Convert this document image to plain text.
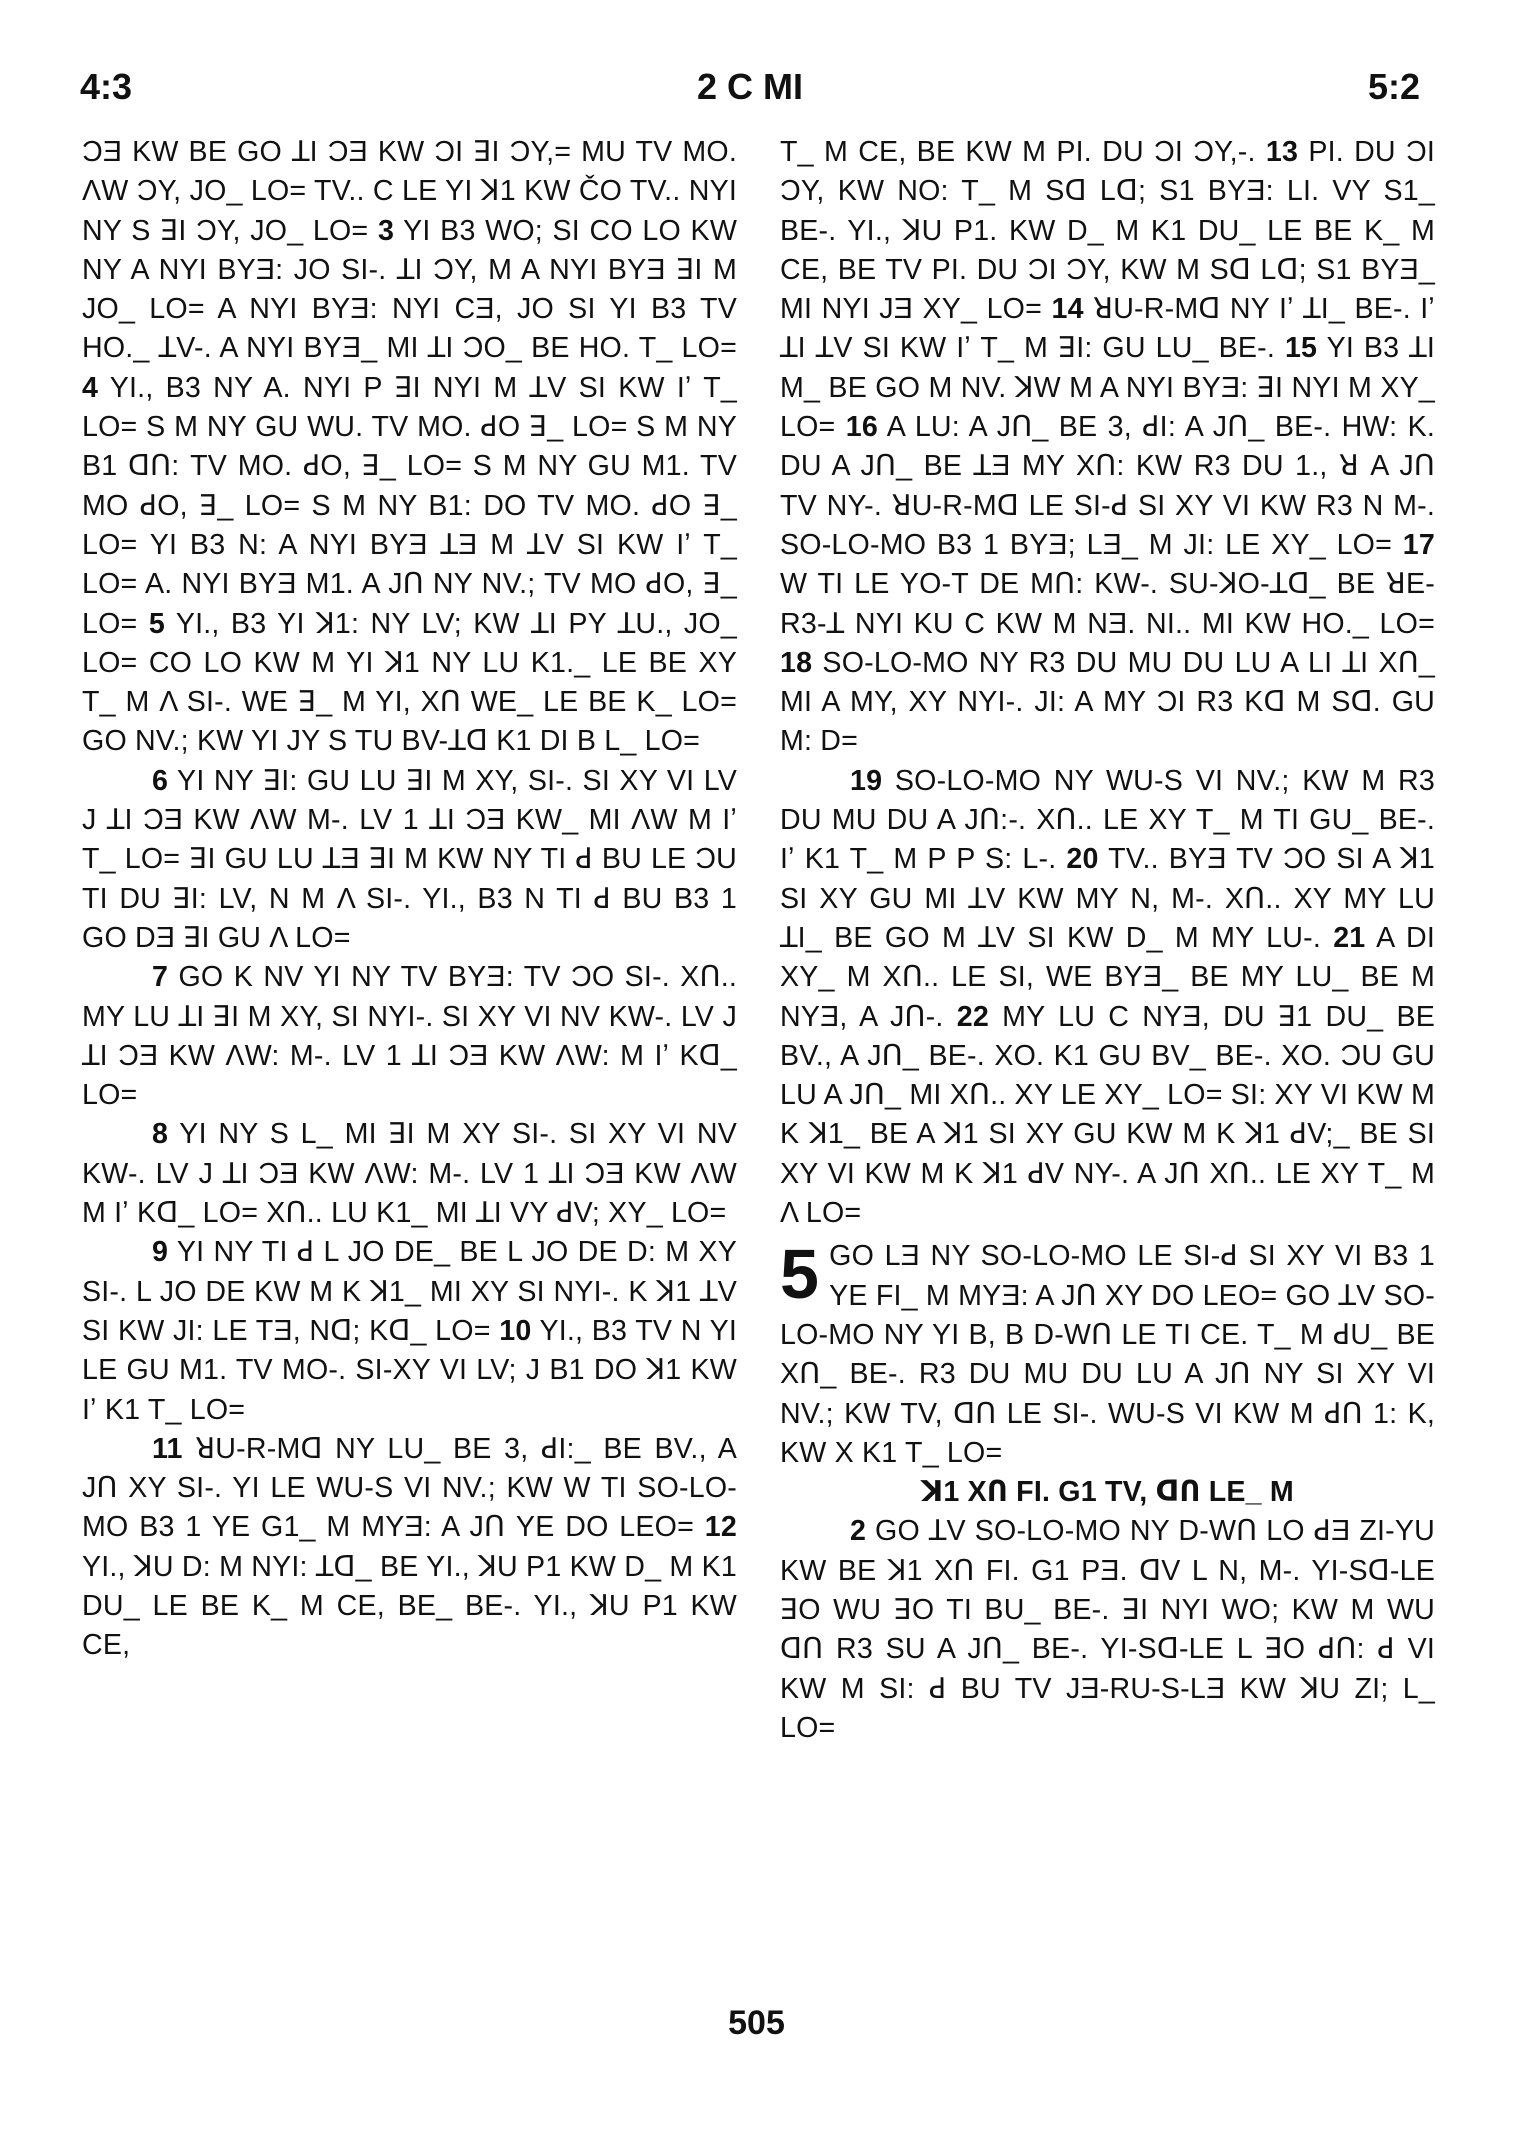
4:3	2 C MI	5:2

ƆƎ KW BE GO ꓕI ƆƎ KW ƆI ꓱI ƆY,= MU TV MO. ΛW ƆY, JO_ LO= TV.. C LE YI ꓘ1 KW ČO TV.. NYI NY S ꓱI ƆY, JO_ LO= 3 YI B3 WO; SI CO LO KW NY A NYI BYƎ: JO SI-. ꓕI ƆY, M A NYI BYƎ ꓱI M JO_ LO= A NYI BYƎ: NYI CƎ, JO SI YI B3 TV HO._ ꓕV-. A NYI BYƎ_ MI ꓕI ƆO_ BE HO. T_ LO= 4 YI., B3 NY A. NYI P ꓱI NYI M ꓕV SI KW Iʼ T_ LO= S M NY GU WU. TV MO. ꓒO ꓱ_ LO= S M NY B1 ᗡՈ: TV MO. ꓒO, ꓱ_ LO= S M NY GU M1. TV MO ꓒO, ꓱ_ LO= S M NY B1: DO TV MO. ꓒO ꓱ_ LO= YI B3 N: A NYI BYƎ ꓕƎ M ꓕV SI KW Iʼ T_ LO= A. NYI BYƎ M1. A JՈ NY NV.; TV MO ꓒO, ꓱ_ LO= 5 YI., B3 YI ꓘ1: NY LV; KW ꓕI PY ꓕU., JO_ LO= CO LO KW M YI ꓘ1 NY LU K1._ LE BE XY T_ M Λ SI-. WE ꓱ_ M YI, XՈ WE_ LE BE K_ LO= GO NV.; KW YI JY S TU BV-ꓕᗡ K1 DI B L_ LO=

6 YI NY ꓱI: GU LU ꓱI M XY, SI-. SI XY VI LV J ꓕI ƆƎ KW ΛW M-. LV 1 ꓕI ƆƎ KW_ MI ΛW M Iʼ T_ LO= ꓱI GU LU ꓕƎ ꓱI M KW NY TI ꓒ BU LE ƆU TI DU ꓱI: LV, N M Λ SI-. YI., B3 N TI ꓒ BU B3 1 GO DƎ ꓱI GU Λ LO=

7 GO K NV YI NY TV BYƎ: TV ƆO SI-. XՈ.. MY LU ꓕI ꓱI M XY, SI NYI-. SI XY VI NV KW-. LV J ꓕI ƆƎ KW ΛW: M-. LV 1 ꓕI ƆƎ KW ΛW: M Iʼ Kᗡ_ LO=

8 YI NY S L_ MI ꓱI M XY SI-. SI XY VI NV KW-. LV J ꓕI ƆƎ KW ΛW: M-. LV 1 ꓕI ƆƎ KW ΛW M Iʼ Kᗡ_ LO= XՈ.. LU K1_ MI ꓕI VY ꓒV; XY_ LO=

9 YI NY TI ꓒ L JO DE_ BE L JO DE D: M XY SI-. L JO DE KW M K ꓘ1_ MI XY SI NYI-. K ꓘ1 ꓕV SI KW JI: LE TƎ, Nᗡ; Kᗡ_ LO= 10 YI., B3 TV N YI LE GU M1. TV MO-. SI-XY VI LV; J B1 DO ꓘ1 KW Iʼ K1 T_ LO=

11 ꓤU-R-Mᗡ NY LU_ BE 3, ꓒI:_ BE BV., A JՈ XY SI-. YI LE WU-S VI NV.; KW W TI SO-LO-MO B3 1 YE G1_ M MYƎ: A JՈ YE DO LEO= 12 YI., ꓘU D: M NYI: ꓕᗡ_ BE YI., ꓘU P1 KW D_ M K1 DU_ LE BE K_ M CE, BE_ BE-. YI., ꓘU P1 KW CE,

T_ M CE, BE KW M PI. DU ƆI ƆY,-. 13 PI. DU ƆI ƆY, KW NO: T_ M Sᗡ Lᗡ; S1 BYƎ: LI. VY S1_ BE-. YI., ꓘU P1. KW D_ M K1 DU_ LE BE K_ M CE, BE TV PI. DU ƆI ƆY, KW M Sᗡ Lᗡ; S1 BYƎ_ MI NYI JƎ XY_ LO= 14 ꓤU-R-Mᗡ NY Iʼ ꓕI_ BE-. Iʼ ꓕI ꓕV SI KW Iʼ T_ M ꓱI: GU LU_ BE-. 15 YI B3 ꓕI M_ BE GO M NV. ꓘW M A NYI BYƎ: ꓱI NYI M XY_ LO= 16 A LU: A JՈ_ BE 3, ꓒI: A JՈ_ BE-. HW: K. DU A JՈ_ BE ꓕƎ MY XՈ: KW R3 DU 1., ꓤ A JՈ TV NY-. ꓤU-R-Mᗡ LE SI-ꓒ SI XY VI KW R3 N M-. SO-LO-MO B3 1 BYƎ; LƎ_ M JI: LE XY_ LO= 17 W TI LE YO-T DE MՈ: KW-. SU-ꓘO-ꓕᗡ_ BE ꓤE-R3-ꓕ NYI KU C KW M NƎ. NI.. MI KW HO._ LO= 18 SO-LO-MO NY R3 DU MU DU LU A LI ꓕI XՈ_ MI A MY, XY NYI-. JI: A MY ƆI R3 Kᗡ M Sᗡ. GU M: D=

19 SO-LO-MO NY WU-S VI NV.; KW M R3 DU MU DU A JՈ:-. XՈ.. LE XY T_ M TI GU_ BE-. Iʼ K1 T_ M P P S: L-. 20 TV.. BYƎ TV ƆO SI A ꓘ1 SI XY GU MI ꓕV KW MY N, M-. XՈ.. XY MY LU ꓕI_ BE GO M ꓕV SI KW D_ M MY LU-. 21 A DI XY_ M XՈ.. LE SI, WE BYƎ_ BE MY LU_ BE M NYƎ, A JՈ-. 22 MY LU C NYƎ, DU ꓱ1 DU_ BE BV., A JՈ_ BE-. XO. K1 GU BV_ BE-. XO. ƆU GU LU A JՈ_ MI XՈ.. XY LE XY_ LO= SI: XY VI KW M K ꓘ1_ BE A ꓘ1 SI XY GU KW M K ꓘ1 ꓒV;_ BE SI XY VI KW M K ꓘ1 ꓒV NY-. A JՈ XՈ.. LE XY T_ M Λ LO=

5 GO LƎ NY SO-LO-MO LE SI-ꓒ SI XY VI B3 1 YE FI_ M MYƎ: A JՈ XY DO LEO= GO ꓕV SO-LO-MO NY YI B, B D-WՈ LE TI CE. T_ M ꓒU_ BE XՈ_ BE-. R3 DU MU DU LU A JՈ NY SI XY VI NV.; KW TV, ᗡՈ LE SI-. WU-S VI KW M ꓒՈ 1: K, KW X K1 T_ LO=

ꓘ1 XՈ FI. G1 TV, ᗡՈ LE_ M

2 GO ꓕV SO-LO-MO NY D-WՈ LO ꓒƎ ZI-YU KW BE ꓘ1 XՈ FI. G1 PƎ. ᗡV L N, M-. YI-Sᗡ-LE ꓱO WU ꓱO TI BU_ BE-. ꓱI NYI WO; KW M WU ᗡՈ R3 SU A JՈ_ BE-. YI-Sᗡ-LE L ꓱO ꓒՈ: ꓒ VI KW M SI: ꓒ BU TV JƎ-RU-S-LƎ KW ꓘU ZI; L_ LO=

505
